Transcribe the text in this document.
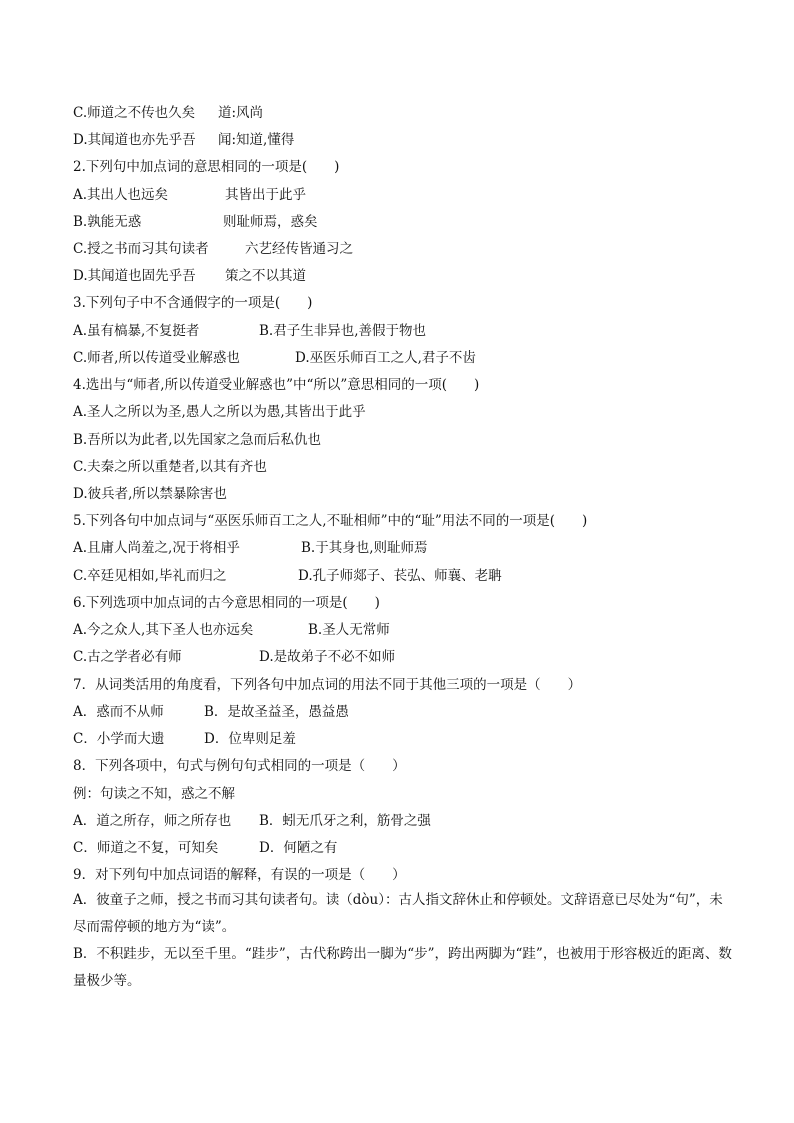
C.师道之不传也久矣 道:风尚
D.其闻道也亦先乎吾 闻:知道,懂得
2.下列句中加点词的意思相同的一项是(　　)
A.其出人也远矣	其皆出于此乎
B.孰能无惑	则耻师焉，惑矣
C.授之书而习其句读者	六艺经传皆通习之
D.其闻道也固先乎吾 策之不以其道
3.下列句子中不含通假字的一项是(　　)
A.虽有槁暴,不复挺者	B.君子生非异也,善假于物也
C.师者,所以传道受业解惑也	D.巫医乐师百工之人,君子不齿
4.选出与“师者,所以传道受业解惑也”中“所以”意思相同的一项(　　)
A.圣人之所以为圣,愚人之所以为愚,其皆出于此乎
B.吾所以为此者,以先国家之急而后私仇也
C.夫秦之所以重楚者,以其有齐也
D.彼兵者,所以禁暴除害也
5.下列各句中加点词与“巫医乐师百工之人,不耻相师”中的“耻”用法不同的一项是(　　)
A.且庸人尚羞之,况于将相乎	B.于其身也,则耻师焉
C.卒廷见相如,毕礼而归之	D.孔子师郯子、苌弘、师襄、老聃
6.下列选项中加点词的古今意思相同的一项是(　　)
A.今之众人,其下圣人也亦远矣	B.圣人无常师
C.古之学者必有师	D.是故弟子不必不如师
7．从词类活用的角度看，下列各句中加点词的用法不同于其他三项的一项是（　　）
A．惑而不从师	B．是故圣益圣，愚益愚
C．小学而大遗	D．位卑则足羞
8．下列各项中，句式与例句句式相同的一项是（　　）
例：句读之不知，惑之不解
A．道之所存，师之所存也 B．蚓无爪牙之利，筋骨之强
C．师道之不复，可知矣	D．何陋之有
9．对下列句中加点词语的解释，有误的一项是（　　）
A．彼童子之师，授之书而习其句读者句。读（dòu）：古人指文辞休止和停顿处。文辞语意已尽处为“句”，未尽而需停顿的地方为“读”。
B．不积跬步，无以至千里。“跬步”，古代称跨出一脚为“步”，跨出两脚为“跬”，也被用于形容极近的距离、数量极少等。
